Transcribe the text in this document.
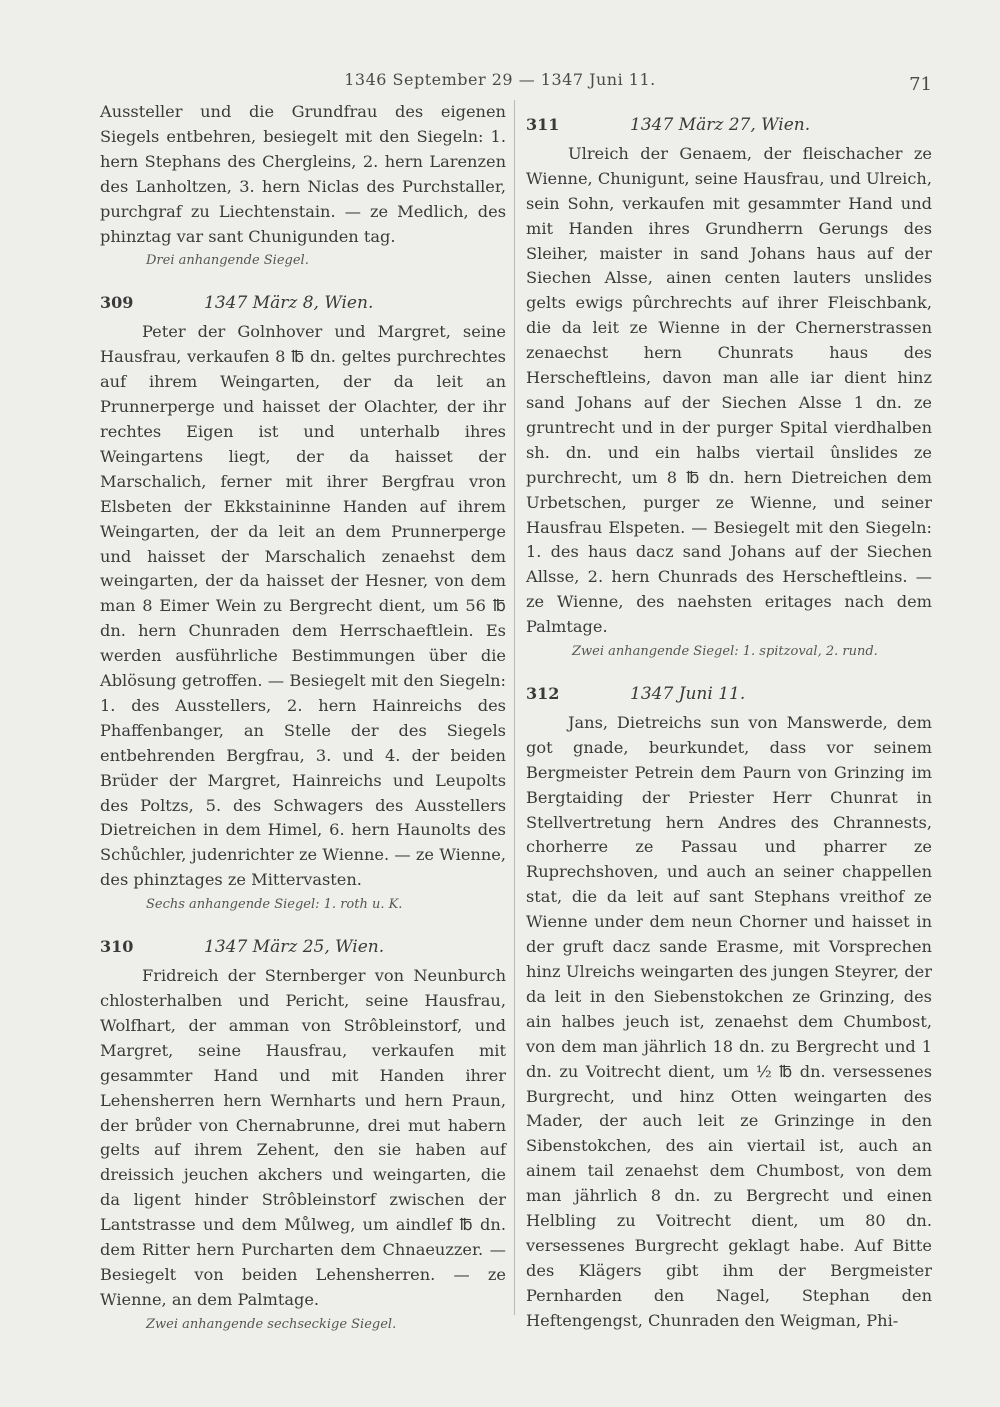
1346 September 29 — 1347 Juni 11.	71

Aussteller und die Grundfrau des eigenen Siegels entbehren, besiegelt mit den Siegeln: 1. hern Stephans des Chergleins, 2. hern Larenzen des Lanholtzen, 3. hern Niclas des Purchstaller, purchgraf zu Liechtenstain. — ze Medlich, des phinztag var sant Chunigunden tag.

Drei anhangende Siegel.
309	1347 März 8, Wien.

Peter der Golnhover und Margret, seine Hausfrau, verkaufen 8 ℔ dn. geltes purchrechtes auf ihrem Weingarten, der da leit an Prunnerperge und haisset der Olachter, der ihr rechtes Eigen ist und unterhalb ihres Weingartens liegt, der da haisset der Marschalich, ferner mit ihrer Bergfrau vron Elsbeten der Ekkstaininne Handen auf ihrem Weingarten, der da leit an dem Prunnerperge und haisset der Marschalich zenaehst dem weingarten, der da haisset der Hesner, von dem man 8 Eimer Wein zu Bergrecht dient, um 56 ℔ dn. hern Chunraden dem Herrschaeftlein. Es werden ausführliche Bestimmungen über die Ablösung getroffen. — Besiegelt mit den Siegeln: 1. des Ausstellers, 2. hern Hainreichs des Phaffenbanger, an Stelle der des Siegels entbehrenden Bergfrau, 3. und 4. der beiden Brüder der Margret, Hainreichs und Leupolts des Poltzs, 5. des Schwagers des Ausstellers Dietreichen in dem Himel, 6. hern Haunolts des Schůchler, judenrichter ze Wienne. — ze Wienne, des phinztages ze Mittervasten.

Sechs anhangende Siegel: 1. roth u. K.
310	1347 März 25, Wien.

Fridreich der Sternberger von Neunburch chlosterhalben und Pericht, seine Hausfrau, Wolfhart, der amman von Strôbleinstorf, und Margret, seine Hausfrau, verkaufen mit gesammter Hand und mit Handen ihrer Lehensherren hern Wernharts und hern Praun, der brůder von Chernabrunne, drei mut habern gelts auf ihrem Zehent, den sie haben auf dreissich jeuchen akchers und weingarten, die da ligent hinder Strôbleinstorf zwischen der Lantstrasse und dem Můlweg, um aindlef ℔ dn. dem Ritter hern Purcharten dem Chnaeuzzer. — Besiegelt von beiden Lehensherren. — ze Wienne, an dem Palmtage.

Zwei anhangende sechseckige Siegel.
311	1347 März 27, Wien.

Ulreich der Genaem, der fleischacher ze Wienne, Chunigunt, seine Hausfrau, und Ulreich, sein Sohn, verkaufen mit gesammter Hand und mit Handen ihres Grundherrn Gerungs des Sleiher, maister in sand Johans haus auf der Siechen Alsse, ainen centen lauters unslides gelts ewigs pûrchrechts auf ihrer Fleischbank, die da leit ze Wienne in der Chernerstrassen zenaechst hern Chunrats haus des Herscheftleins, davon man alle iar dient hinz sand Johans auf der Siechen Alsse 1 dn. ze gruntrecht und in der purger Spital vierdhalben sh. dn. und ein halbs viertail ûnslides ze purchrecht, um 8 ℔ dn. hern Dietreichen dem Urbetschen, purger ze Wienne, und seiner Hausfrau Elspeten. — Besiegelt mit den Siegeln: 1. des haus dacz sand Johans auf der Siechen Allsse, 2. hern Chunrads des Herscheftleins. — ze Wienne, des naehsten eritages nach dem Palmtage.

Zwei anhangende Siegel: 1. spitzoval, 2. rund.
312	1347 Juni 11.

Jans, Dietreichs sun von Manswerde, dem got gnade, beurkundet, dass vor seinem Bergmeister Petrein dem Paurn von Grinzing im Bergtaiding der Priester Herr Chunrat in Stellvertretung hern Andres des Chrannests, chorherre ze Passau und pharrer ze Ruprechshoven, und auch an seiner chappellen stat, die da leit auf sant Stephans vreithof ze Wienne under dem neun Chorner und haisset in der gruft dacz sande Erasme, mit Vorsprechen hinz Ulreichs weingarten des jungen Steyrer, der da leit in den Siebenstokchen ze Grinzing, des ain halbes jeuch ist, zenaehst dem Chumbost, von dem man jährlich 18 dn. zu Bergrecht und 1 dn. zu Voitrecht dient, um ½ ℔ dn. versessenes Burgrecht, und hinz Otten weingarten des Mader, der auch leit ze Grinzinge in den Sibenstokchen, des ain viertail ist, auch an ainem tail zenaehst dem Chumbost, von dem man jährlich 8 dn. zu Bergrecht und einen Helbling zu Voitrecht dient, um 80 dn. versessenes Burgrecht geklagt habe. Auf Bitte des Klägers gibt ihm der Bergmeister Pernharden den Nagel, Stephan den Heftengengst, Chunraden den Weigman, Phi-
